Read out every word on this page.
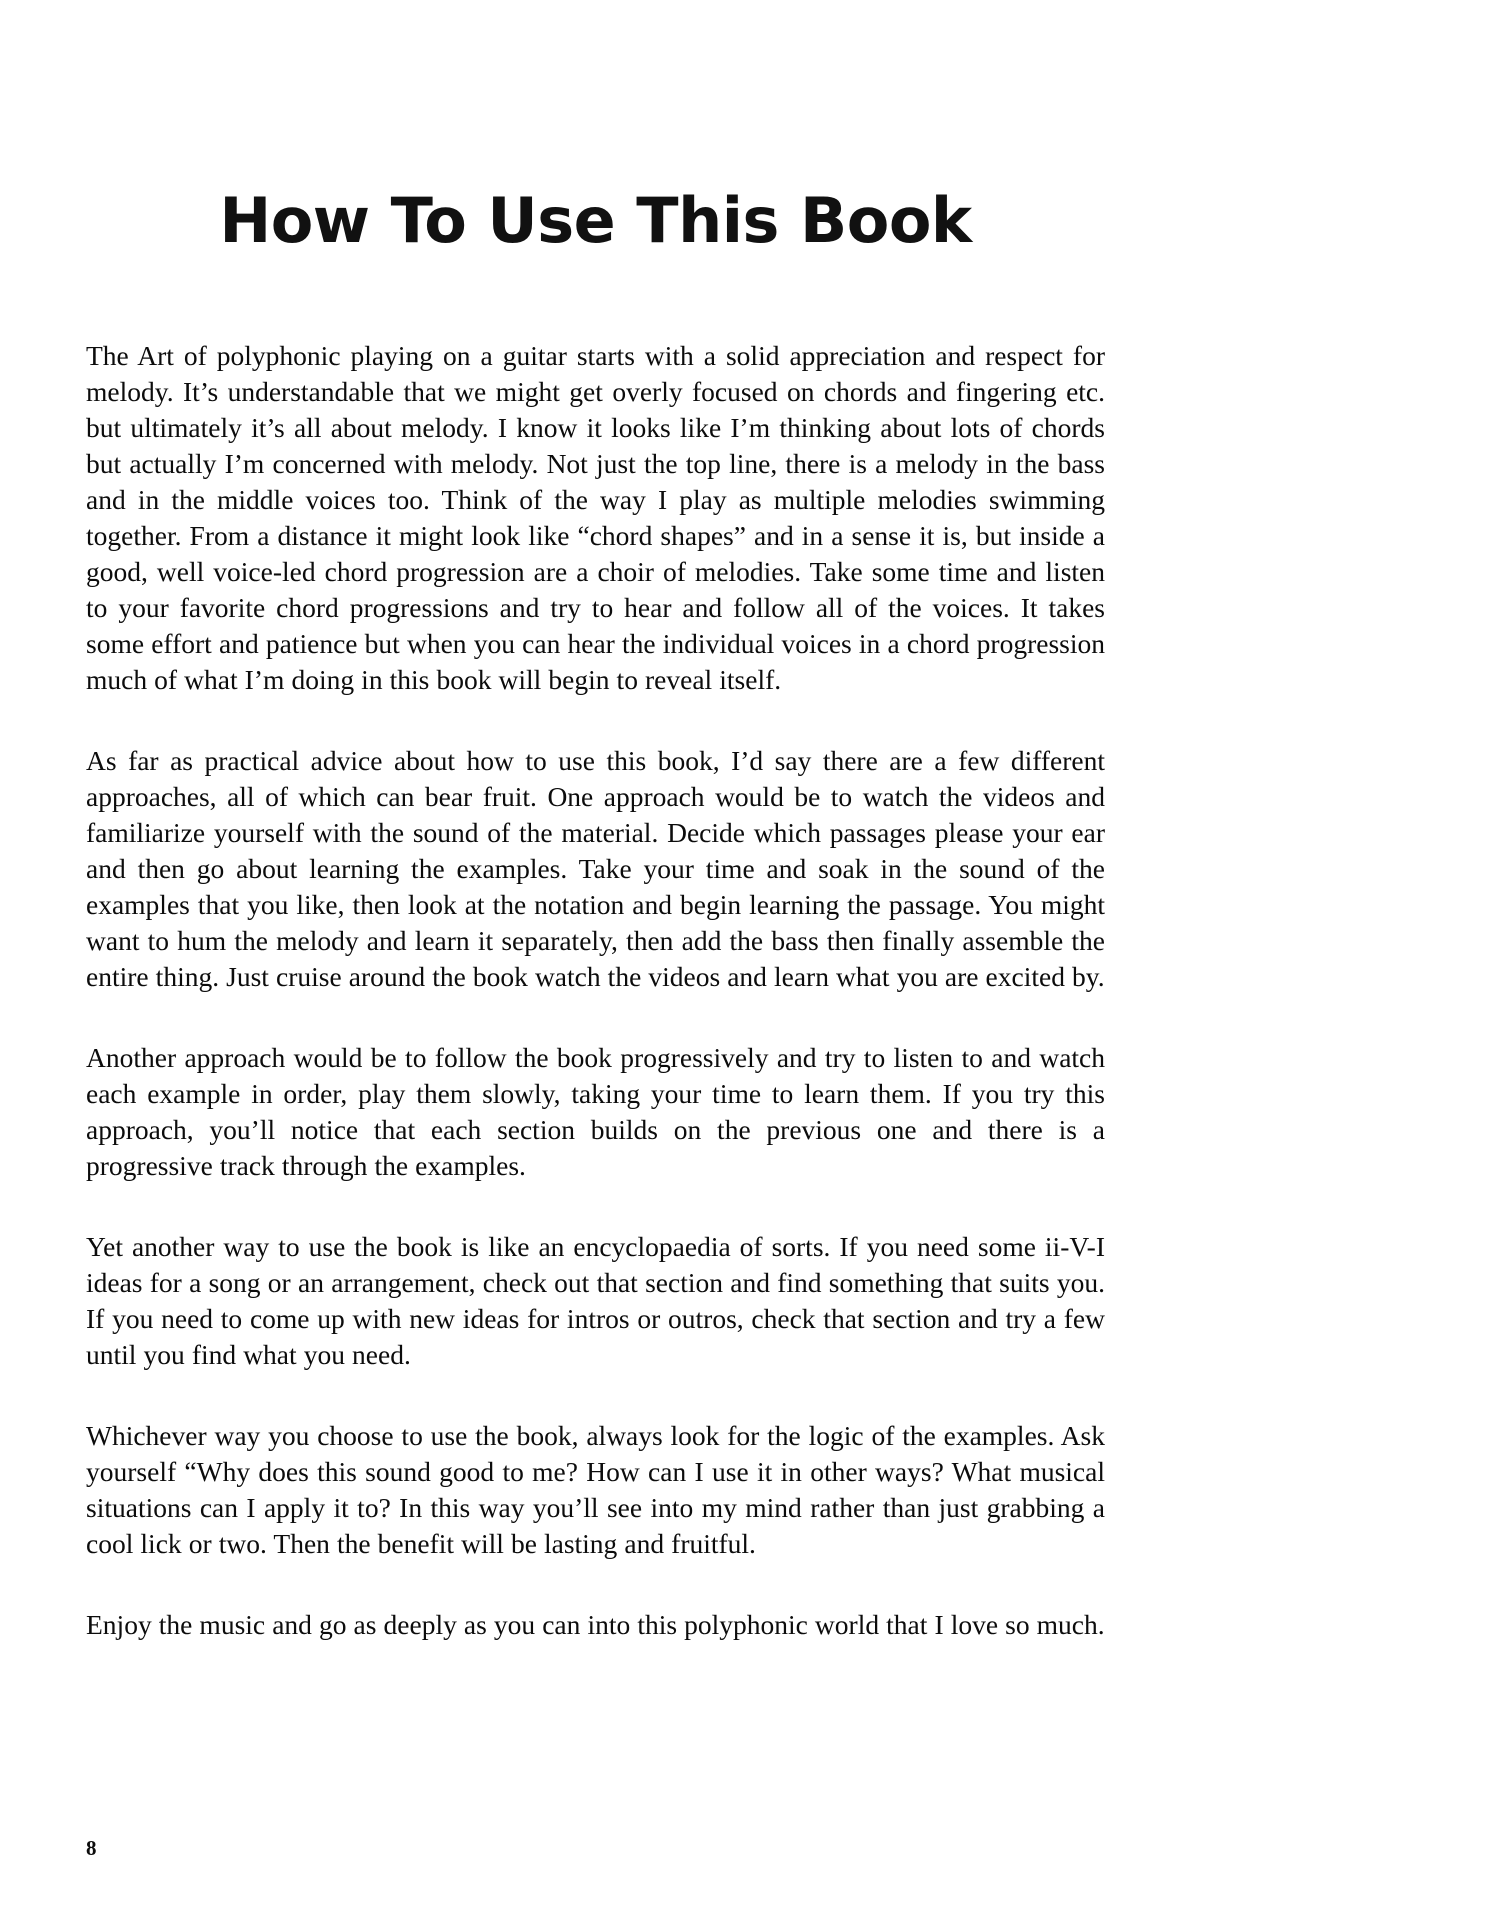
How To Use This Book

The Art of polyphonic playing on a guitar starts with a solid appreciation and respect for melody. It’s understandable that we might get overly focused on chords and fingering etc. but ultimately it’s all about melody. I know it looks like I’m thinking about lots of chords but actually I’m concerned with melody. Not just the top line, there is a melody in the bass and in the middle voices too. Think of the way I play as multiple melodies swimming together. From a distance it might look like “chord shapes” and in a sense it is, but inside a good, well voice-led chord progression are a choir of melodies. Take some time and listen to your favorite chord progressions and try to hear and follow all of the voices. It takes some effort and patience but when you can hear the individual voices in a chord progression much of what I’m doing in this book will begin to reveal itself.

As far as practical advice about how to use this book, I’d say there are a few different approaches, all of which can bear fruit. One approach would be to watch the videos and familiarize yourself with the sound of the material. Decide which passages please your ear and then go about learning the examples. Take your time and soak in the sound of the examples that you like, then look at the notation and begin learning the passage. You might want to hum the melody and learn it separately, then add the bass then finally assemble the entire thing. Just cruise around the book watch the videos and learn what you are excited by.

Another approach would be to follow the book progressively and try to listen to and watch each example in order, play them slowly, taking your time to learn them. If you try this approach, you’ll notice that each section builds on the previous one and there is a progressive track through the examples.

Yet another way to use the book is like an encyclopaedia of sorts. If you need some ii-V-I ideas for a song or an arrangement, check out that section and find something that suits you. If you need to come up with new ideas for intros or outros, check that section and try a few until you find what you need.

Whichever way you choose to use the book, always look for the logic of the examples. Ask yourself “Why does this sound good to me? How can I use it in other ways? What musical situations can I apply it to? In this way you’ll see into my mind rather than just grabbing a cool lick or two. Then the benefit will be lasting and fruitful.

Enjoy the music and go as deeply as you can into this polyphonic world that I love so much.

8
